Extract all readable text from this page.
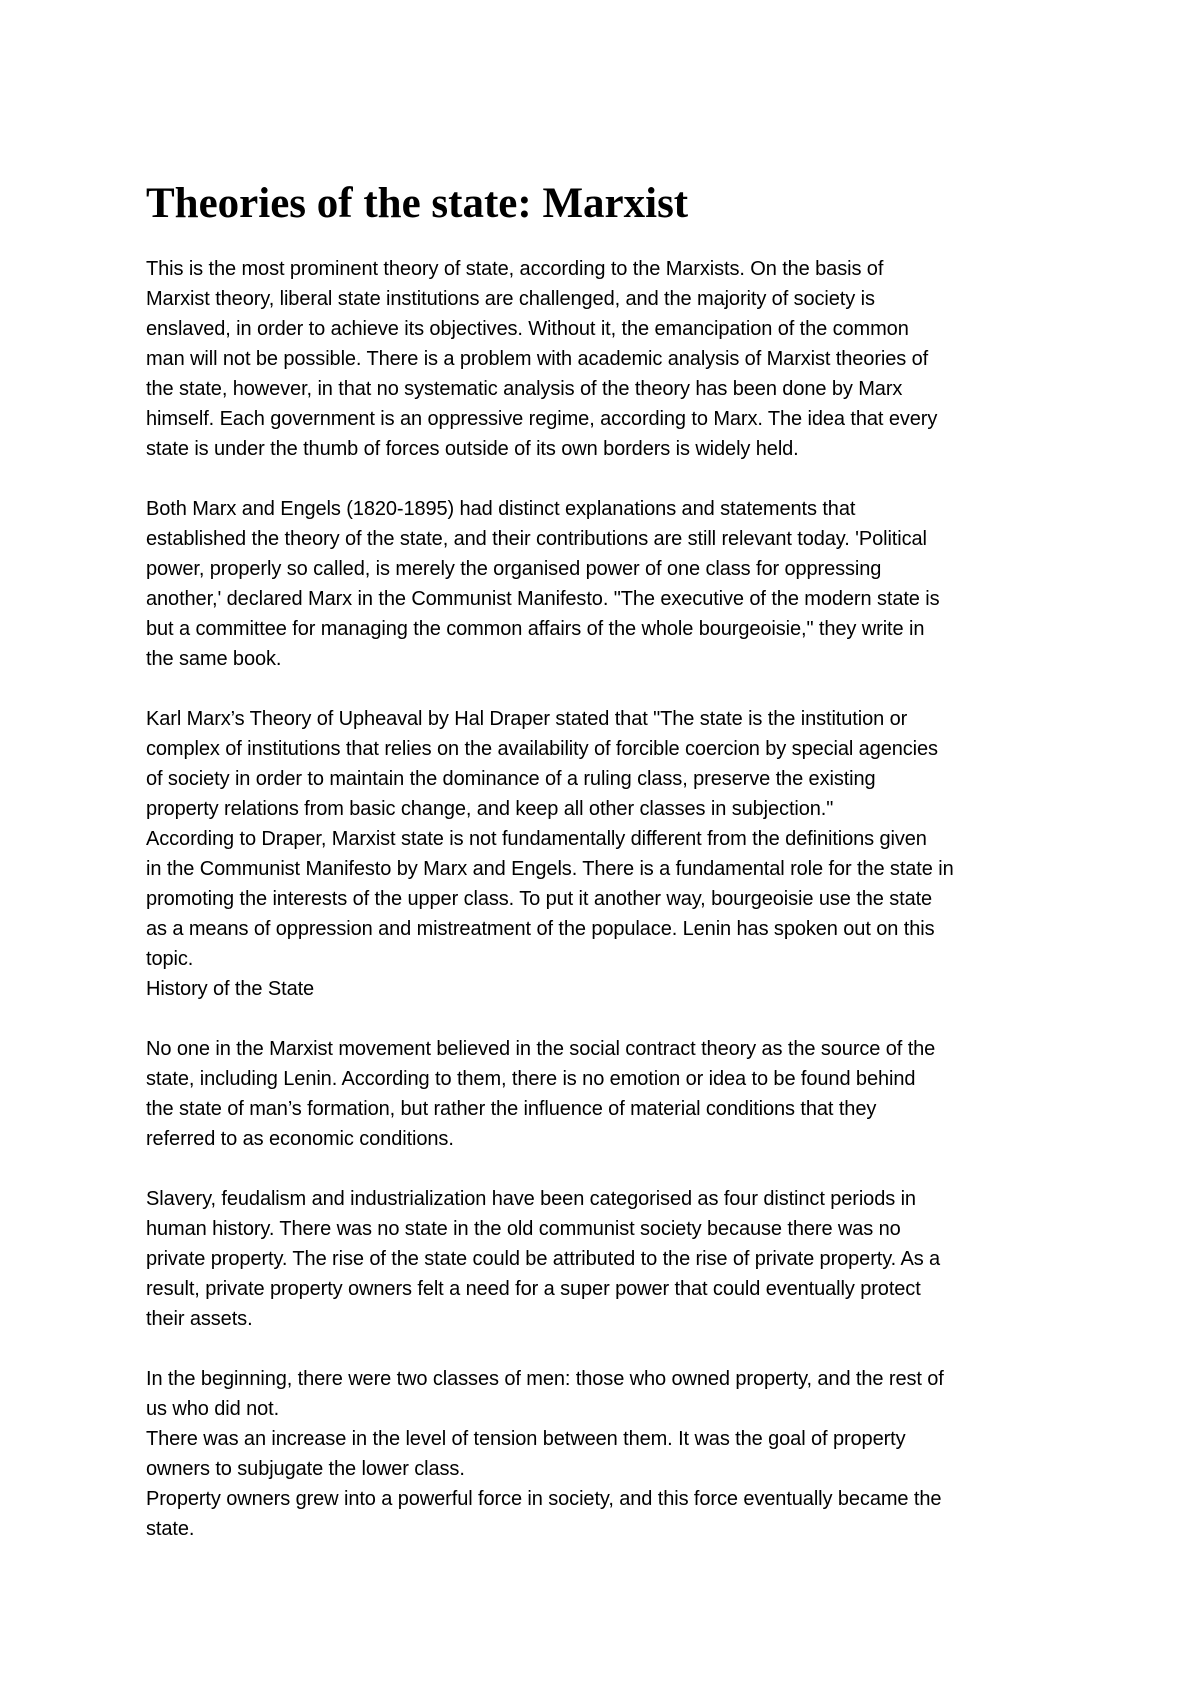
Theories of the state: Marxist

This is the most prominent theory of state, according to the Marxists. On the basis of
Marxist theory, liberal state institutions are challenged, and the majority of society is
enslaved, in order to achieve its objectives. Without it, the emancipation of the common
man will not be possible. There is a problem with academic analysis of Marxist theories of
the state, however, in that no systematic analysis of the theory has been done by Marx
himself. Each government is an oppressive regime, according to Marx. The idea that every
state is under the thumb of forces outside of its own borders is widely held.

Both Marx and Engels (1820-1895) had distinct explanations and statements that
established the theory of the state, and their contributions are still relevant today. 'Political
power, properly so called, is merely the organised power of one class for oppressing
another,' declared Marx in the Communist Manifesto. "The executive of the modern state is
but a committee for managing the common affairs of the whole bourgeoisie," they write in
the same book.

Karl Marx’s Theory of Upheaval by Hal Draper stated that "The state is the institution or
complex of institutions that relies on the availability of forcible coercion by special agencies
of society in order to maintain the dominance of a ruling class, preserve the existing
property relations from basic change, and keep all other classes in subjection."
According to Draper, Marxist state is not fundamentally different from the definitions given
in the Communist Manifesto by Marx and Engels. There is a fundamental role for the state in
promoting the interests of the upper class. To put it another way, bourgeoisie use the state
as a means of oppression and mistreatment of the populace. Lenin has spoken out on this
topic.
History of the State

No one in the Marxist movement believed in the social contract theory as the source of the
state, including Lenin. According to them, there is no emotion or idea to be found behind
the state of man’s formation, but rather the influence of material conditions that they
referred to as economic conditions.

Slavery, feudalism and industrialization have been categorised as four distinct periods in
human history. There was no state in the old communist society because there was no
private property. The rise of the state could be attributed to the rise of private property. As a
result, private property owners felt a need for a super power that could eventually protect
their assets.

In the beginning, there were two classes of men: those who owned property, and the rest of
us who did not.
There was an increase in the level of tension between them. It was the goal of property
owners to subjugate the lower class.
Property owners grew into a powerful force in society, and this force eventually became the
state.
